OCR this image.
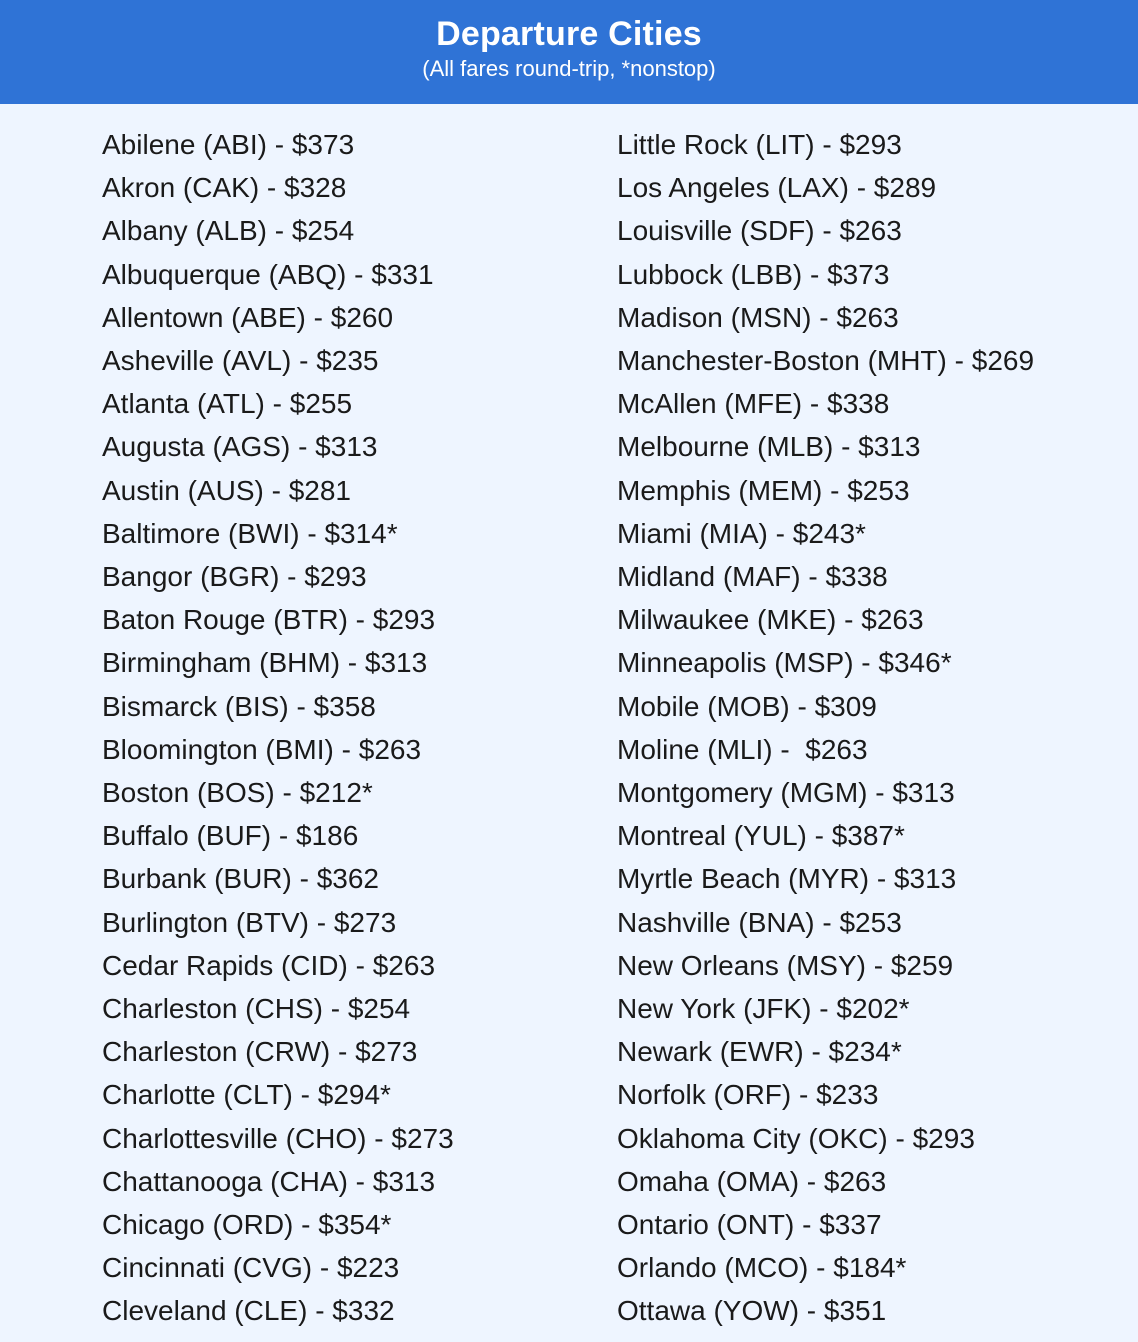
Departure Cities
(All fares round-trip, *nonstop)
Abilene (ABI) - $373
Akron (CAK) - $328
Albany (ALB) - $254
Albuquerque (ABQ) - $331
Allentown (ABE) - $260
Asheville (AVL) - $235
Atlanta (ATL) - $255
Augusta (AGS) - $313
Austin (AUS) - $281
Baltimore (BWI) - $314*
Bangor (BGR) - $293
Baton Rouge (BTR) - $293
Birmingham (BHM) - $313
Bismarck (BIS) - $358
Bloomington (BMI) - $263
Boston (BOS) - $212*
Buffalo (BUF) - $186
Burbank (BUR) - $362
Burlington (BTV) - $273
Cedar Rapids (CID) - $263
Charleston (CHS) - $254
Charleston (CRW) - $273
Charlotte (CLT) - $294*
Charlottesville (CHO) - $273
Chattanooga (CHA) - $313
Chicago (ORD) - $354*
Cincinnati (CVG) - $223
Cleveland (CLE) - $332
Little Rock (LIT) - $293
Los Angeles (LAX) - $289
Louisville (SDF) - $263
Lubbock (LBB) - $373
Madison (MSN) - $263
Manchester-Boston (MHT) - $269
McAllen (MFE) - $338
Melbourne (MLB) - $313
Memphis (MEM) - $253
Miami (MIA) - $243*
Midland (MAF) - $338
Milwaukee (MKE) - $263
Minneapolis (MSP) - $346*
Mobile (MOB) - $309
Moline (MLI) -  $263
Montgomery (MGM) - $313
Montreal (YUL) - $387*
Myrtle Beach (MYR) - $313
Nashville (BNA) - $253
New Orleans (MSY) - $259
New York (JFK) - $202*
Newark (EWR) - $234*
Norfolk (ORF) - $233
Oklahoma City (OKC) - $293
Omaha (OMA) - $263
Ontario (ONT) - $337
Orlando (MCO) - $184*
Ottawa (YOW) - $351
